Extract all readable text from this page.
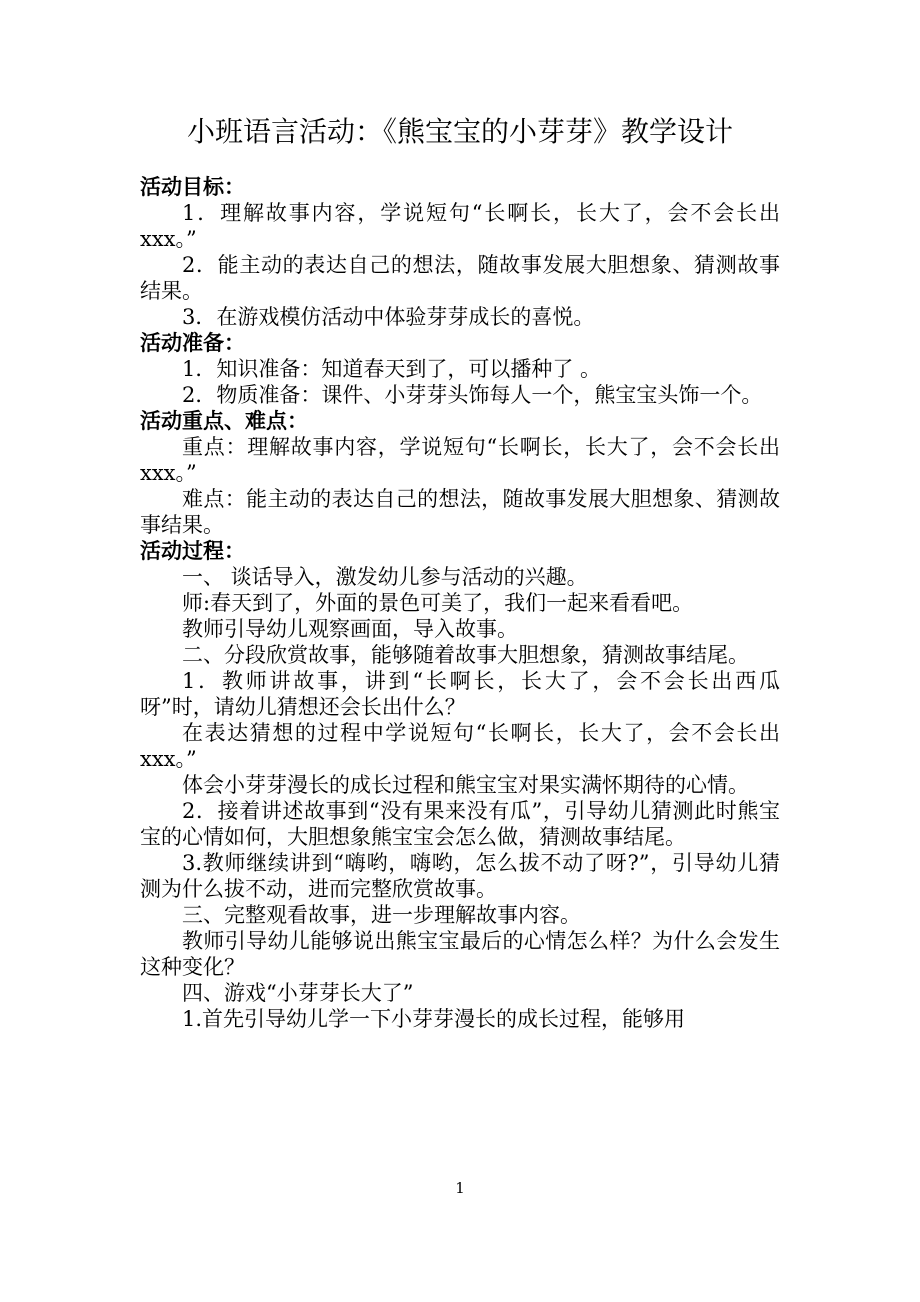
小班语言活动：《熊宝宝的小芽芽》教学设计

活动目标：

1．理解故事内容，学说短句“长啊长，长大了，会不会长出 xxx。”

2．能主动的表达自己的想法，随故事发展大胆想象、猜测故事结果。

3．在游戏模仿活动中体验芽芽成长的喜悦。

活动准备：

1．知识准备：知道春天到了，可以播种了 。

2．物质准备：课件、小芽芽头饰每人一个，熊宝宝头饰一个。

活动重点、难点：

重点：理解故事内容，学说短句“长啊长，长大了，会不会长出 xxx。”

难点：能主动的表达自己的想法，随故事发展大胆想象、猜测故事结果。

活动过程：

一、 谈话导入，激发幼儿参与活动的兴趣。

师:春天到了，外面的景色可美了，我们一起来看看吧。

教师引导幼儿观察画面，导入故事。

二、分段欣赏故事，能够随着故事大胆想象，猜测故事结尾。

1．教师讲故事，讲到“长啊长，长大了，会不会长出西瓜呀”时，请幼儿猜想还会长出什么？

在表达猜想的过程中学说短句“长啊长，长大了，会不会长出 xxx。”

体会小芽芽漫长的成长过程和熊宝宝对果实满怀期待的心情。

2．接着讲述故事到“没有果来没有瓜”，引导幼儿猜测此时熊宝宝的心情如何，大胆想象熊宝宝会怎么做，猜测故事结尾。

3.教师继续讲到“嗨哟，嗨哟，怎么拔不动了呀?”，引导幼儿猜测为什么拔不动，进而完整欣赏故事。

三、完整观看故事，进一步理解故事内容。

教师引导幼儿能够说出熊宝宝最后的心情怎么样？为什么会发生这种变化？

四、游戏“小芽芽长大了”

1.首先引导幼儿学一下小芽芽漫长的成长过程，能够用

1
